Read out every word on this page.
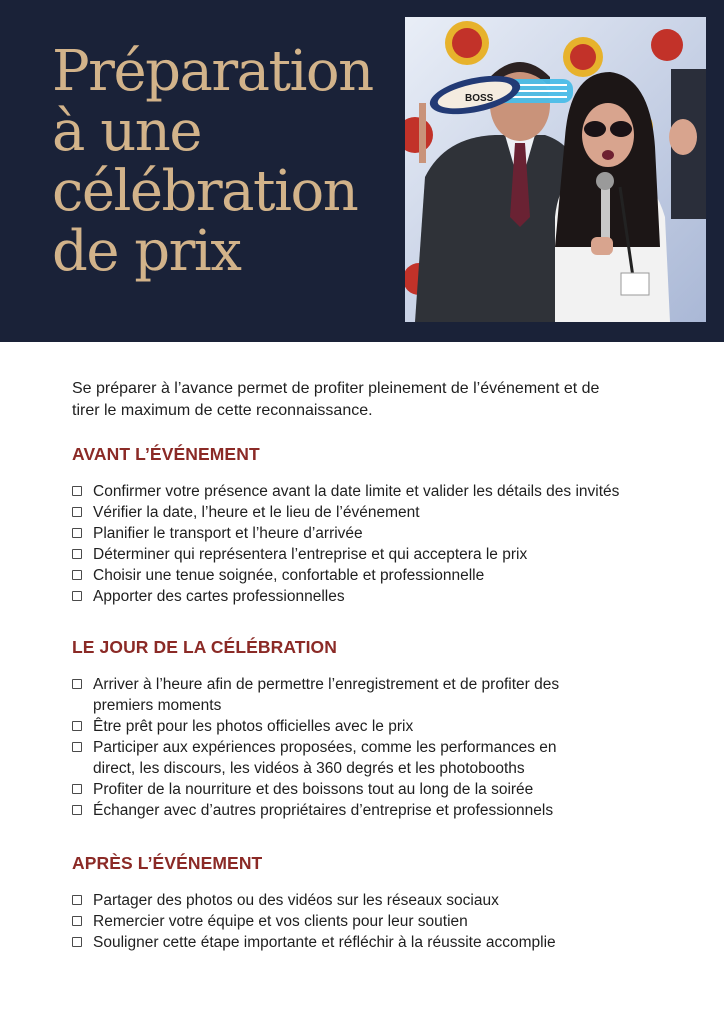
Préparation
à une
célébration
de prix
BOSS

Se préparer à l’avance permet de profiter pleinement de l’événement et de
tirer le maximum de cette reconnaissance.

AVANT L’ÉVÉNEMENT
Confirmer votre présence avant la date limite et valider les détails des invités
Vérifier la date, l’heure et le lieu de l’événement
Planifier le transport et l’heure d’arrivée
Déterminer qui représentera l’entreprise et qui acceptera le prix
Choisir une tenue soignée, confortable et professionnelle
Apporter des cartes professionnelles
LE JOUR DE LA CÉLÉBRATION
Arriver à l’heure afin de permettre l’enregistrement et de profiter des
premiers moments
Être prêt pour les photos officielles avec le prix
Participer aux expériences proposées, comme les performances en
direct, les discours, les vidéos à 360 degrés et les photobooths
Profiter de la nourriture et des boissons tout au long de la soirée
Échanger avec d’autres propriétaires d’entreprise et professionnels
APRÈS L’ÉVÉNEMENT
Partager des photos ou des vidéos sur les réseaux sociaux
Remercier votre équipe et vos clients pour leur soutien
Souligner cette étape importante et réfléchir à la réussite accomplie
